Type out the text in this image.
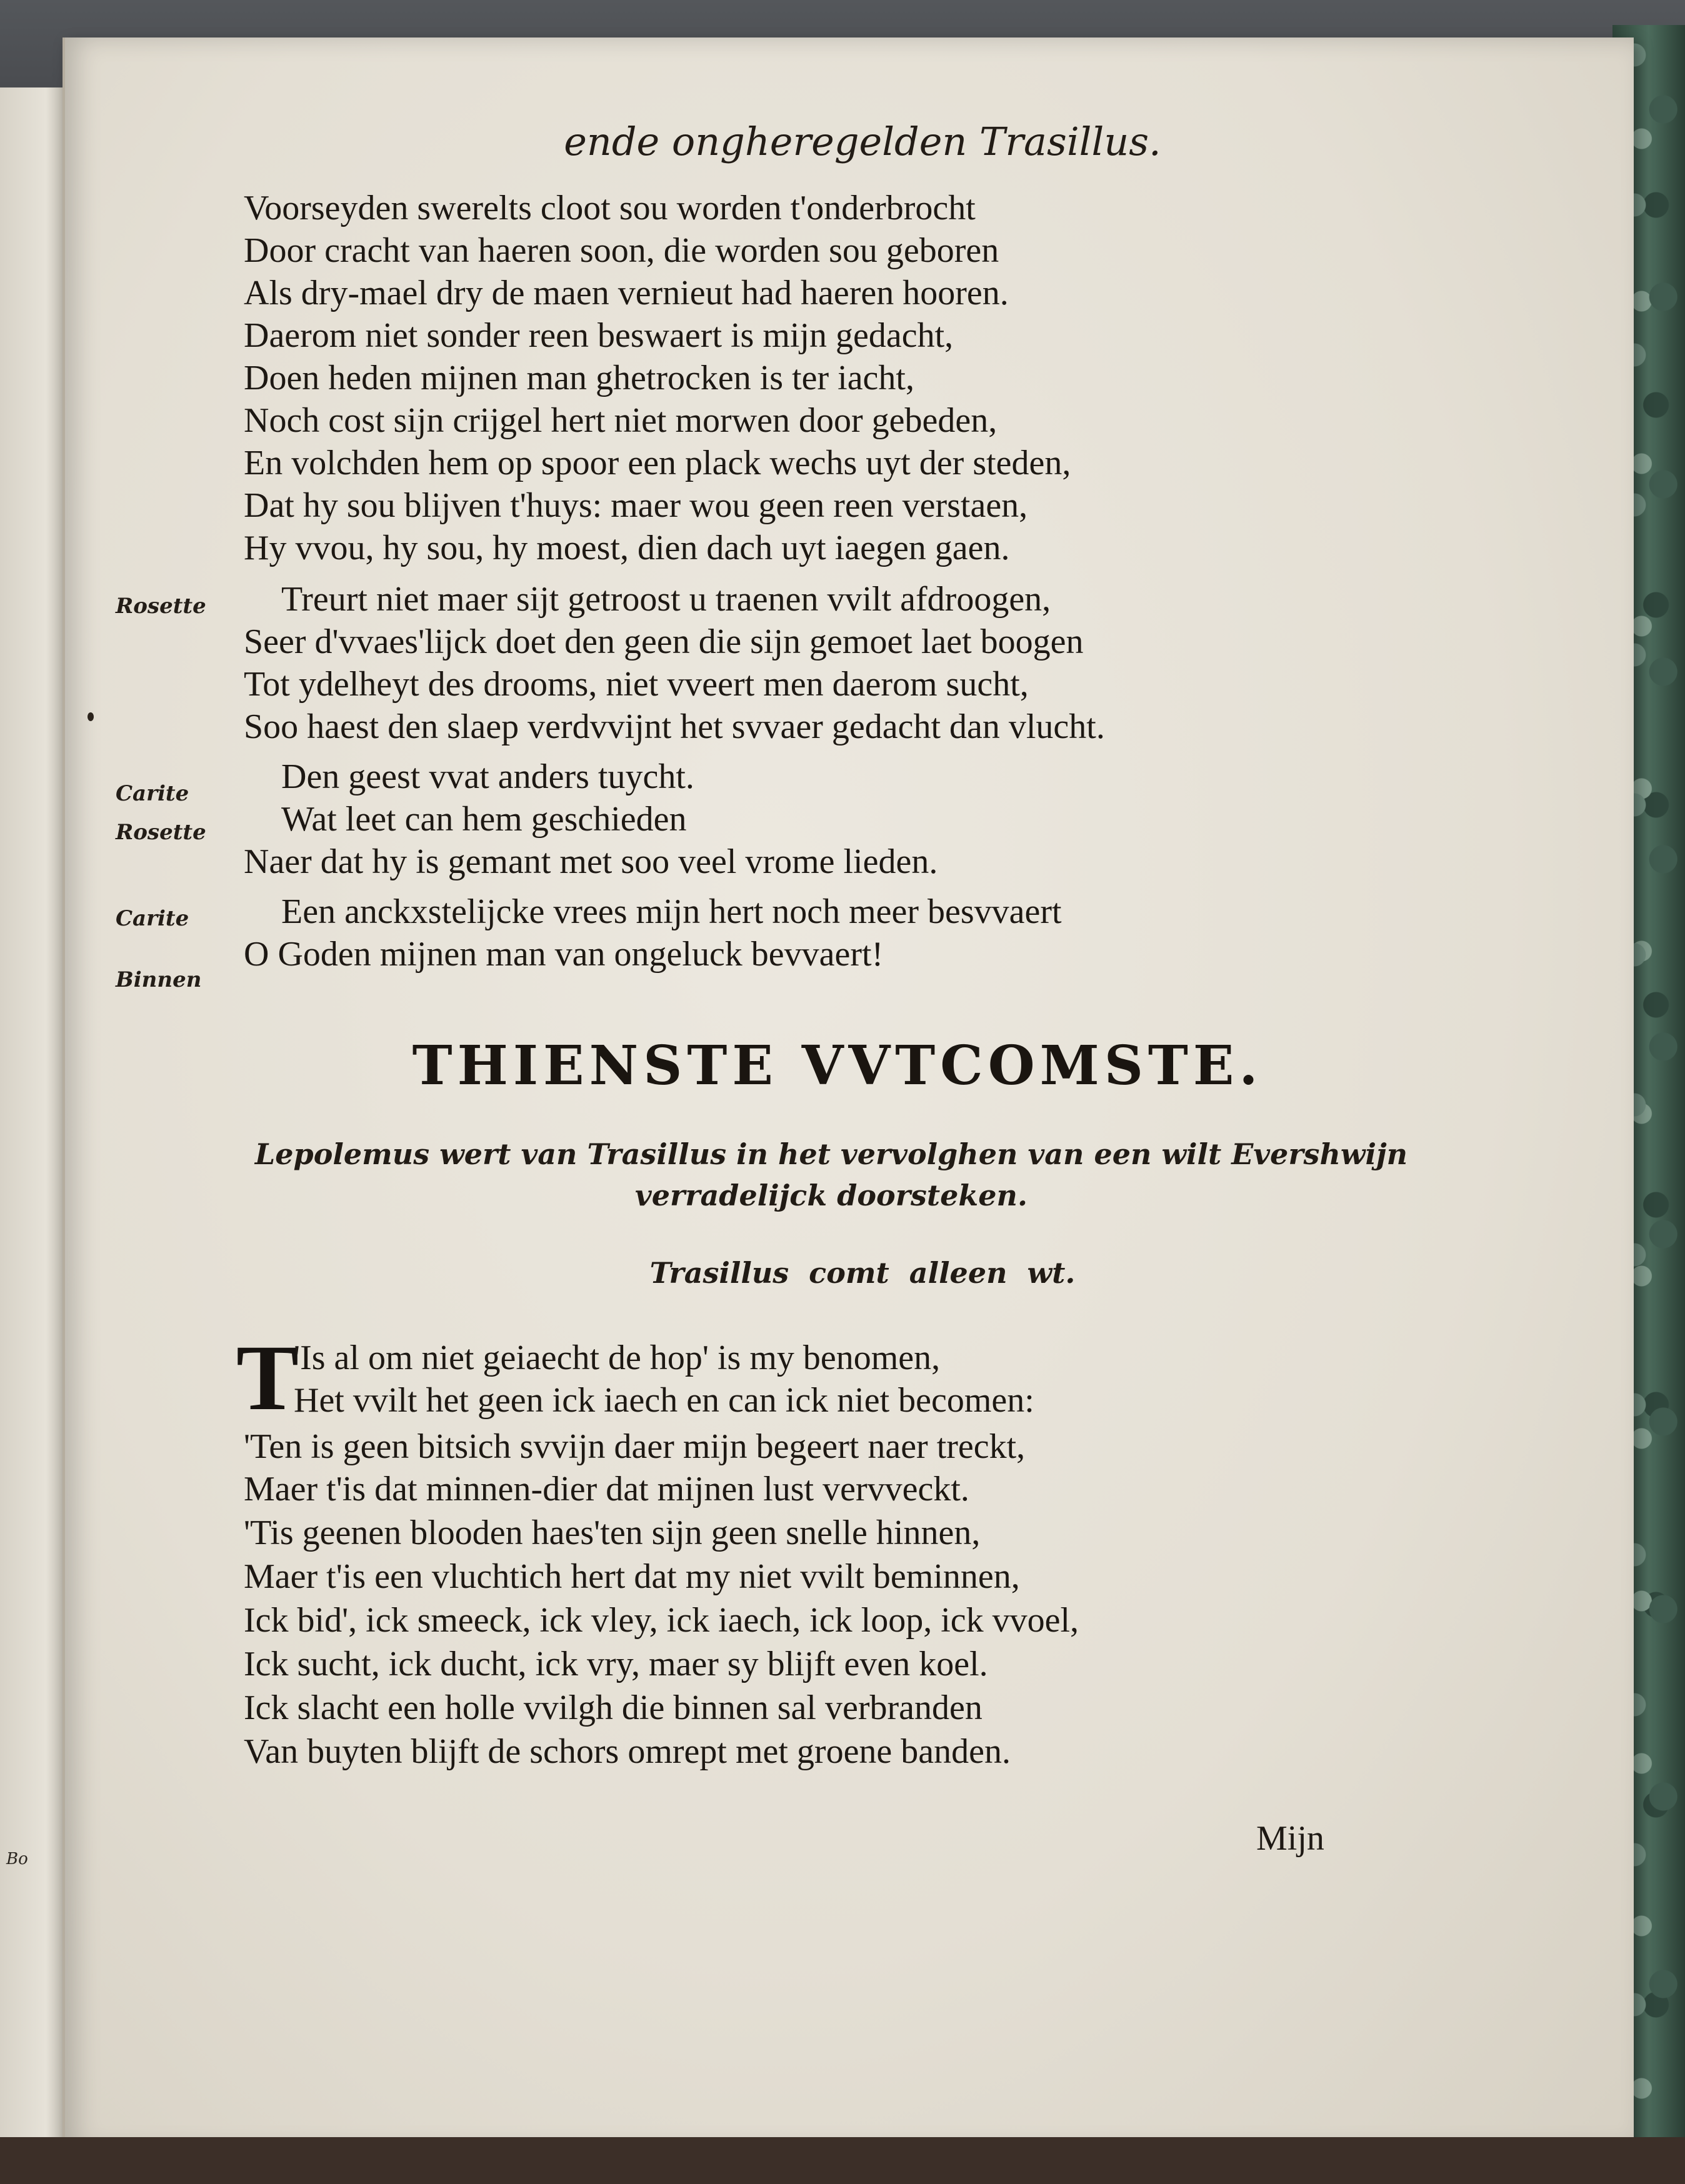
Bo
ende ongheregelden Trasillus.
Voorseyden swerelts cloot sou worden t'onderbrocht
Door cracht van haeren soon, die worden sou geboren
Als dry-mael dry de maen vernieut had haeren hooren.
Daerom niet sonder reen beswaert is mijn gedacht,
Doen heden mijnen man ghetrocken is ter iacht,
Noch cost sijn crijgel hert niet morwen door gebeden,
En volchden hem op spoor een plack wechs uyt der steden,
Dat hy sou blijven t'huys: maer wou geen reen verstaen,
Hy vvou, hy sou, hy moest, dien dach uyt iaegen gaen.
Treurt niet maer sijt getroost u traenen vvilt afdroogen,
Seer d'vvaes'lijck doet den geen die sijn gemoet laet boogen
Tot ydelheyt des drooms, niet vveert men daerom sucht,
Soo haest den slaep verdvvijnt het svvaer gedacht dan vlucht.
Den geest vvat anders tuycht.
Wat leet can hem geschieden
Naer dat hy is gemant met soo veel vrome lieden.
Een anckxstelijcke vrees mijn hert noch meer besvvaert
O Goden mijnen man van ongeluck bevvaert!
Rosette
Carite
Rosette
Carite
Binnen
THIENSTE VVTCOMSTE.
Lepolemus wert van Trasillus in het vervolghen van een wilt Evershwijn
verradelijck doorsteken.
Trasillus comt alleen wt.
T
'Is al om niet geiaecht de hop' is my benomen,
Het vvilt het geen ick iaech en can ick niet becomen:
'Ten is geen bitsich svvijn daer mijn begeert naer treckt,
Maer t'is dat minnen-dier dat mijnen lust vervveckt.
'Tis geenen blooden haes'ten sijn geen snelle hinnen,
Maer t'is een vluchtich hert dat my niet vvilt beminnen,
Ick bid', ick smeeck, ick vley, ick iaech, ick loop, ick vvoel,
Ick sucht, ick ducht, ick vry, maer sy blijft even koel.
Ick slacht een holle vvilgh die binnen sal verbranden
Van buyten blijft de schors omrept met groene banden.
Mijn
